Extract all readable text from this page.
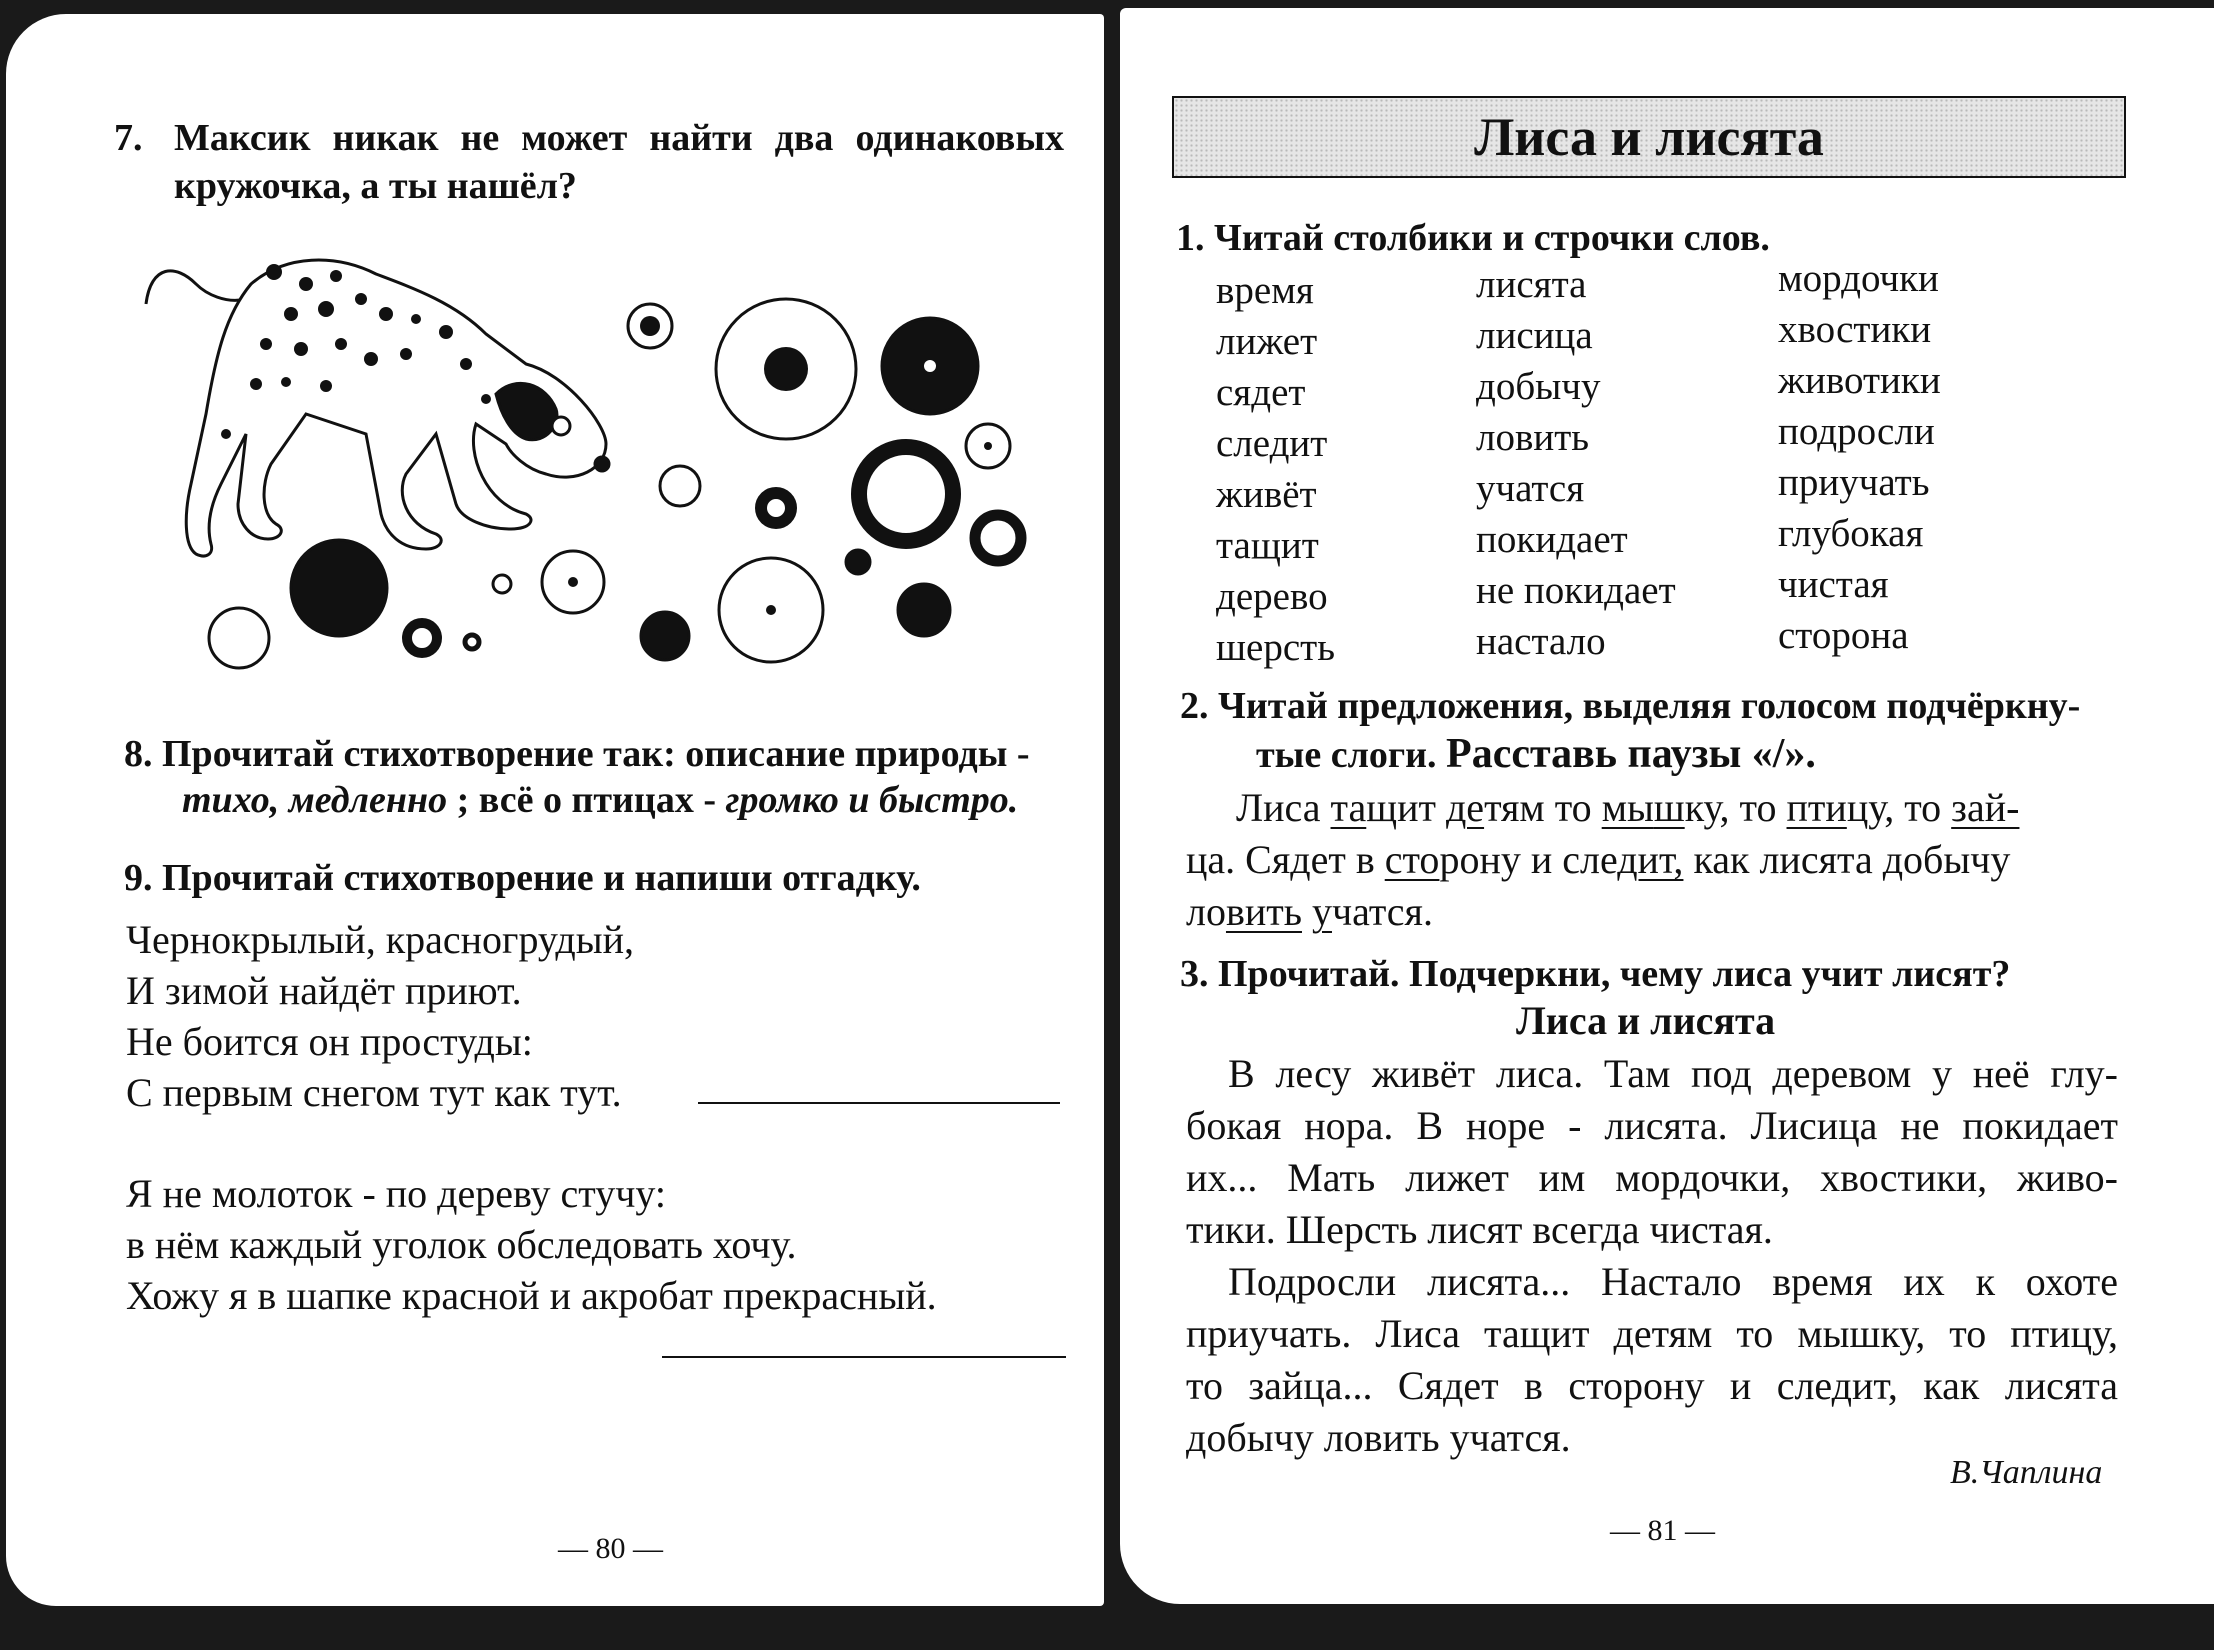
7. Максик никак не может найти два одинаковых
кружочка, а ты нашёл?
8. Прочитай стихотворение так: описание природы -
тихо, медленно ; всё о птицах - громко и быстро.
9. Прочитай стихотворение и напиши отгадку.
Чернокрылый, красногрудый,
И зимой найдёт приют.
Не боится он простуды:
С первым снегом тут как тут.
Я не молоток - по дереву стучу:
в нём каждый уголок обследовать хочу.
Хожу я в шапке красной и акробат прекрасный.
— 80 —
Лиса и лисята
1. Читай столбики и строчки слов.
время
лижет
сядет
следит
живёт
тащит
дерево
шерсть
лисята
лисица
добычу
ловить
учатся
покидает
не покидает
настало
мордочки
хвостики
животики
подросли
приучать
глубокая
чистая
сторона
2. Читай предложения, выделяя голосом подчёркну-
тые слоги. Расставь паузы «/».
Лиса тащит детям то мышку, то птицу, то зай-
ца. Сядет в сторону и следит, как лисята добычу
ловить учатся.
3. Прочитай. Подчеркни, чему лиса учит лисят?
Лиса и лисята
В лесу живёт лиса. Там под деревом у неё глу-
бокая нора. В норе - лисята. Лисица не покидает
их... Мать лижет им мордочки, хвостики, живо-
тики. Шерсть лисят всегда чистая.
Подросли лисята... Настало время их к охоте
приучать. Лиса тащит детям то мышку, то птицу,
то зайца... Сядет в сторону и следит, как лисята
добычу ловить учатся.
В.Чаплина
— 81 —
